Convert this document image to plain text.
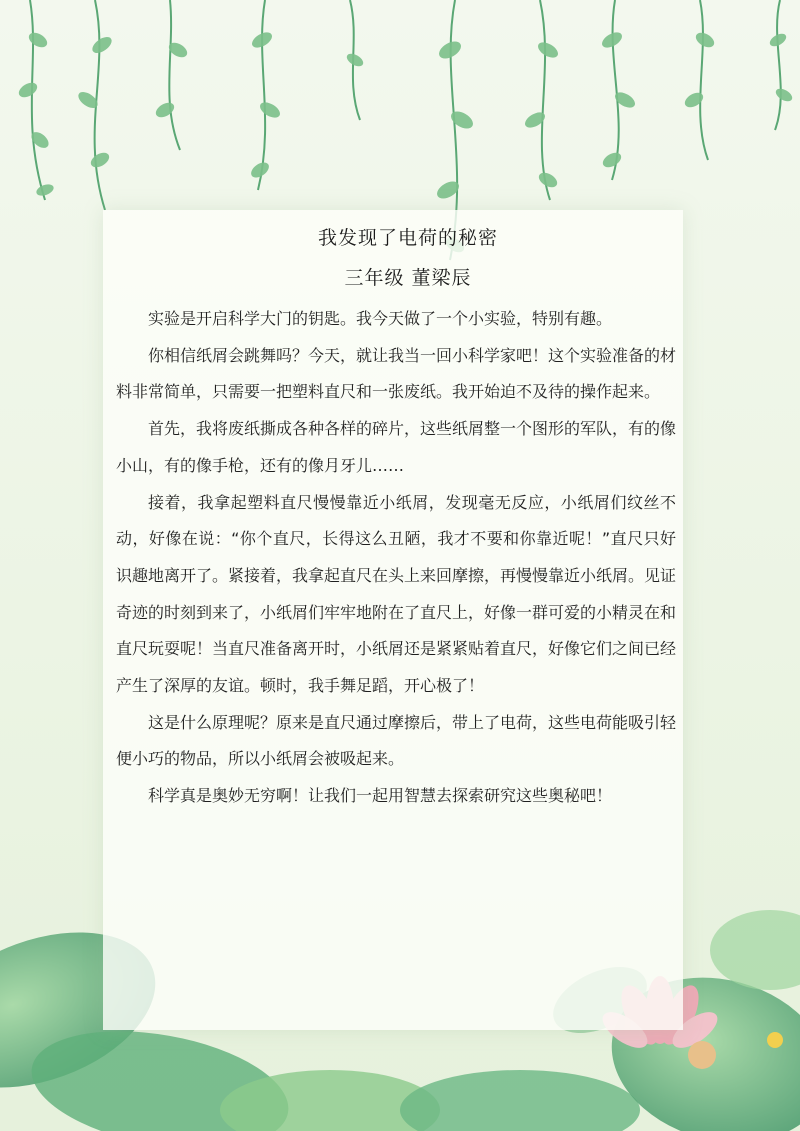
我发现了电荷的秘密
三年级 董梁辰

实验是开启科学大门的钥匙。我今天做了一个小实验，特别有趣。

你相信纸屑会跳舞吗？今天，就让我当一回小科学家吧！这个实验准备的材料非常简单，只需要一把塑料直尺和一张废纸。我开始迫不及待的操作起来。

首先，我将废纸撕成各种各样的碎片，这些纸屑整一个图形的军队，有的像小山，有的像手枪，还有的像月牙儿……

接着，我拿起塑料直尺慢慢靠近小纸屑，发现毫无反应，小纸屑们纹丝不动，好像在说：“你个直尺，长得这么丑陋，我才不要和你靠近呢！”直尺只好识趣地离开了。紧接着，我拿起直尺在头上来回摩擦，再慢慢靠近小纸屑。见证奇迹的时刻到来了，小纸屑们牢牢地附在了直尺上，好像一群可爱的小精灵在和直尺玩耍呢！当直尺准备离开时，小纸屑还是紧紧贴着直尺，好像它们之间已经产生了深厚的友谊。顿时，我手舞足蹈，开心极了！

这是什么原理呢？原来是直尺通过摩擦后，带上了电荷，这些电荷能吸引轻便小巧的物品，所以小纸屑会被吸起来。

科学真是奥妙无穷啊！让我们一起用智慧去探索研究这些奥秘吧！
